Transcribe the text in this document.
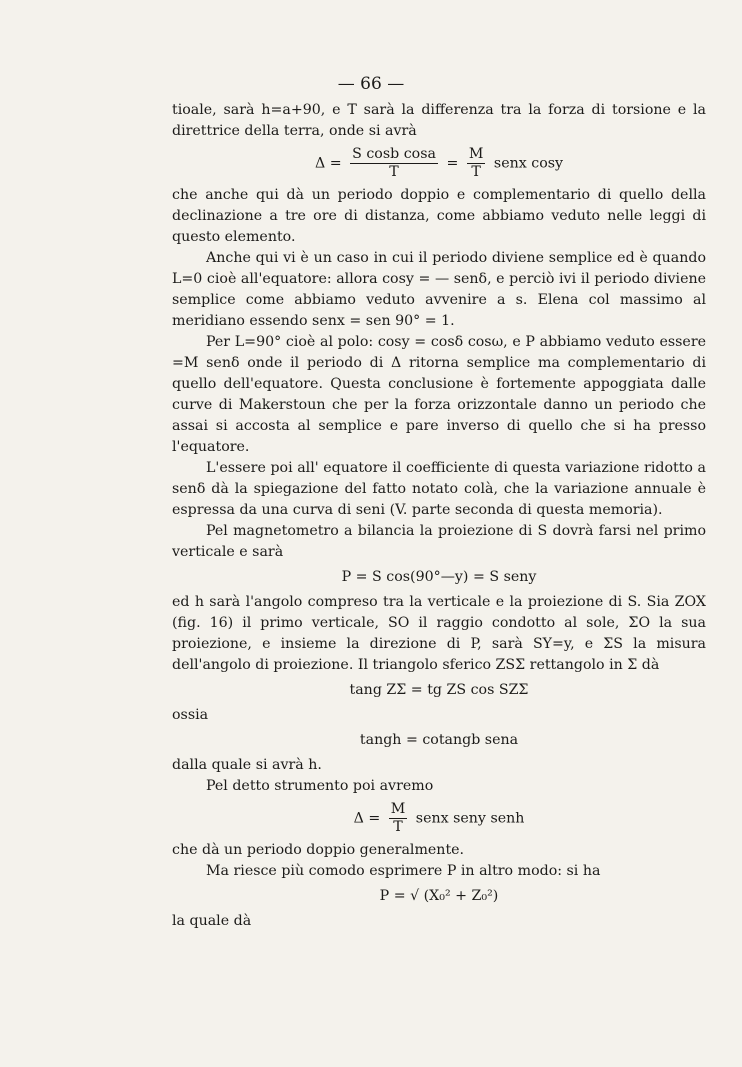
— 66 —

tioale, sarà h=a+90, e T sarà la differenza tra la forza di torsione e la direttrice della terra, onde si avrà

$\Delta = \frac{\text{S cosb cosa}}{T} = \frac{M}{T}$ senx cosy

che anche qui dà un periodo doppio e complementario di quello della declinazione a tre ore di distanza, come abbiamo veduto nelle leggi di questo elemento.

Anche qui vi è un caso in cui il periodo diviene semplice ed è quando L=0 cioè all'equatore: allora cosy = — senδ, e perciò ivi il periodo diviene semplice come abbiamo veduto avvenire a s. Elena col massimo al meridiano essendo senx = sen 90° = 1.

Per L=90° cioè al polo: cosy = cosδ cosω, e P abbiamo veduto essere =M senδ onde il periodo di Δ ritorna semplice ma complementario di quello dell'equatore. Questa conclusione è fortemente appoggiata dalle curve di Makerstoun che per la forza orizzontale danno un periodo che assai si accosta al semplice e pare inverso di quello che si ha presso l'equatore.

L'essere poi all' equatore il coefficiente di questa variazione ridotto a senδ dà la spiegazione del fatto notato colà, che la variazione annuale è espressa da una curva di seni (V. parte seconda di questa memoria).

Pel magnetometro a bilancia la proiezione di S dovrà farsi nel primo verticale e sarà

P = S cos(90°—y) = S seny

ed h sarà l'angolo compreso tra la verticale e la proiezione di S. Sia ZOX (fig. 16) il primo verticale, SO il raggio condotto al sole, ΣO la sua proiezione, e insieme la direzione di P, sarà SY=y, e ΣS la misura dell'angolo di proiezione. Il triangolo sferico ZSΣ rettangolo in Σ dà

tang ZΣ = tg ZS cos SZΣ

ossia

tangh = cotangb sena

dalla quale si avrà h.

Pel detto strumento poi avremo

$\Delta = \frac{M}{T}$ senx seny senh

che dà un periodo doppio generalmente.

Ma riesce più comodo esprimere P in altro modo: si ha

P = √ (X₀² + Z₀²)

la quale dà
